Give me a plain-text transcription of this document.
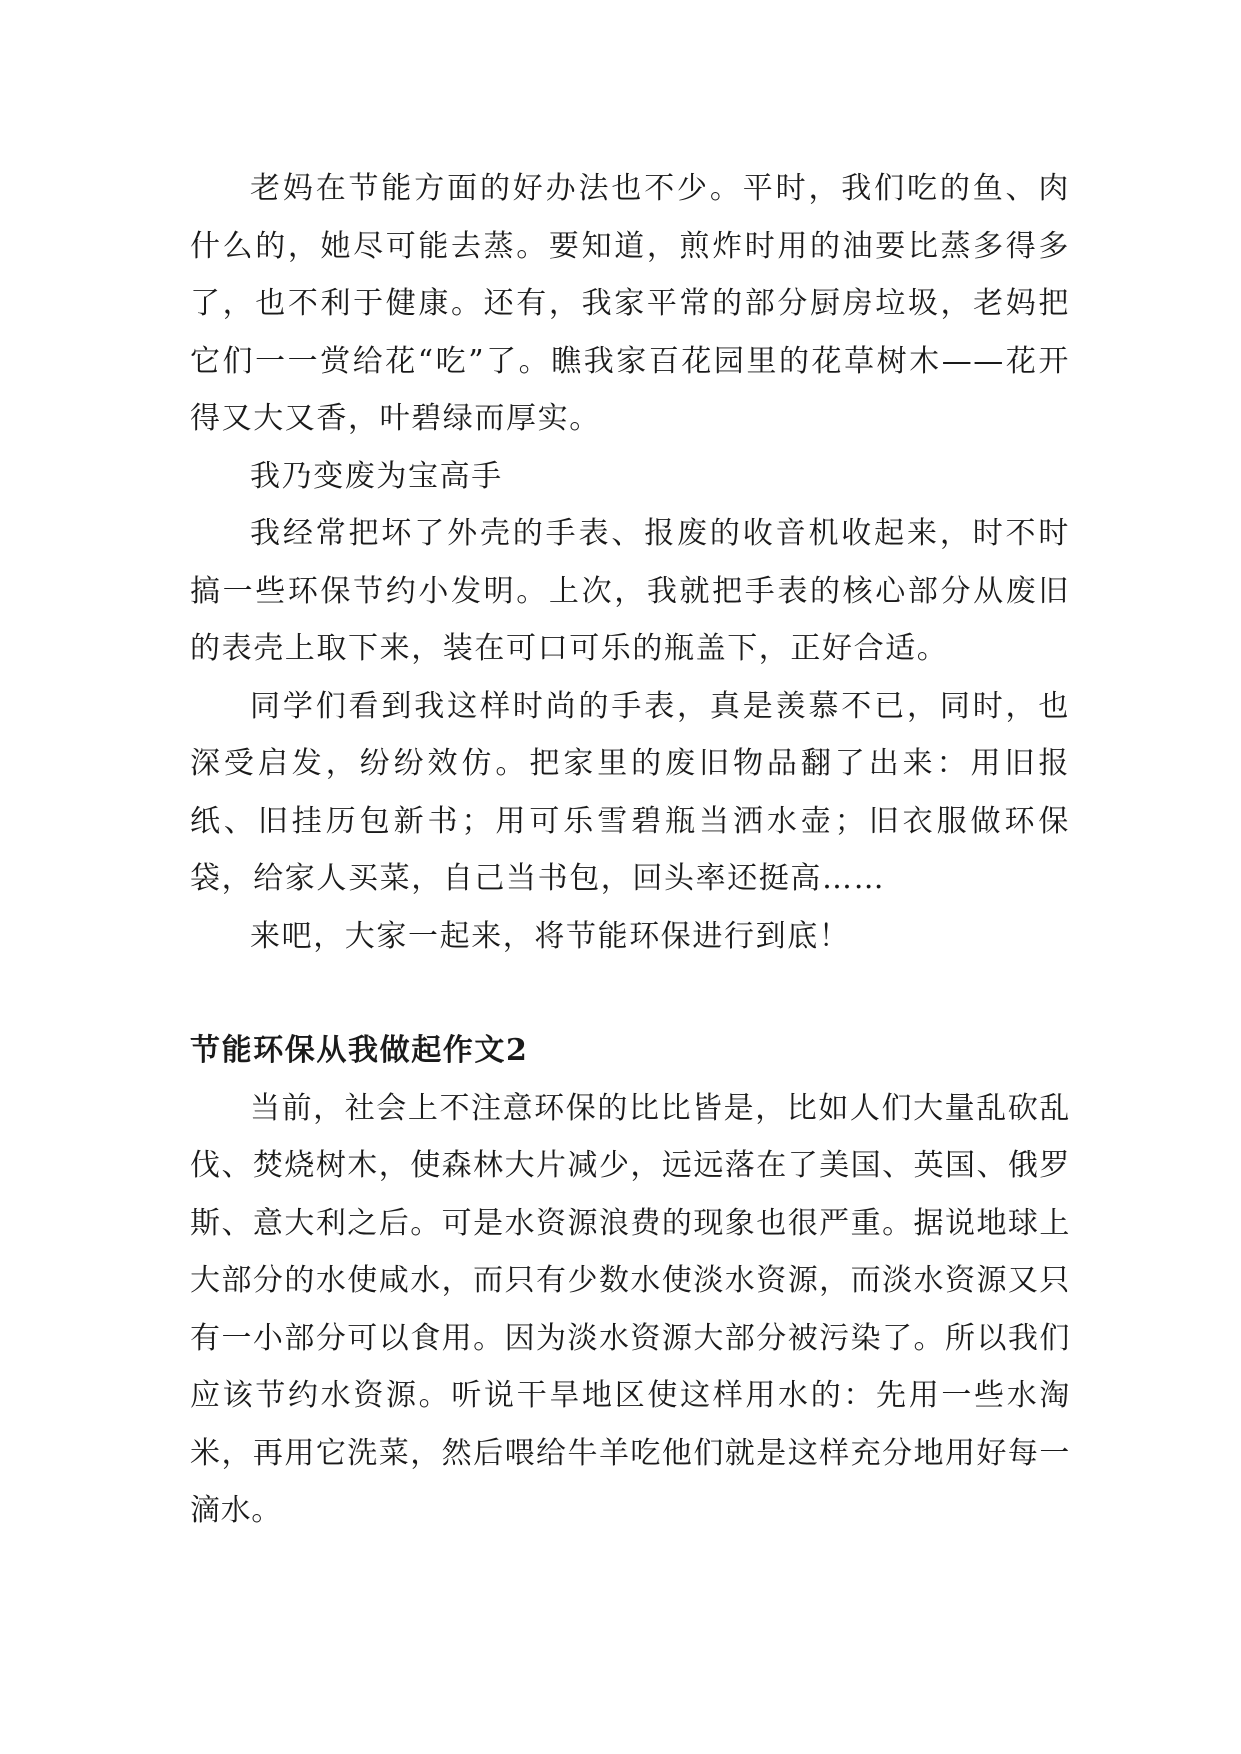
老妈在节能方面的好办法也不少。平时，我们吃的鱼、肉什么的，她尽可能去蒸。要知道，煎炸时用的油要比蒸多得多了，也不利于健康。还有，我家平常的部分厨房垃圾，老妈把它们一一赏给花“吃”了。瞧我家百花园里的花草树木——花开得又大又香，叶碧绿而厚实。

我乃变废为宝高手

我经常把坏了外壳的手表、报废的收音机收起来，时不时搞一些环保节约小发明。上次，我就把手表的核心部分从废旧的表壳上取下来，装在可口可乐的瓶盖下，正好合适。

同学们看到我这样时尚的手表，真是羡慕不已，同时，也深受启发，纷纷效仿。把家里的废旧物品翻了出来：用旧报纸、旧挂历包新书；用可乐雪碧瓶当洒水壶；旧衣服做环保袋，给家人买菜，自己当书包，回头率还挺高……

来吧，大家一起来，将节能环保进行到底！

节能环保从我做起作文2

当前，社会上不注意环保的比比皆是，比如人们大量乱砍乱伐、焚烧树木，使森林大片减少，远远落在了美国、英国、俄罗斯、意大利之后。可是水资源浪费的现象也很严重。据说地球上大部分的水使咸水，而只有少数水使淡水资源，而淡水资源又只有一小部分可以食用。因为淡水资源大部分被污染了。所以我们应该节约水资源。听说干旱地区使这样用水的：先用一些水淘米，再用它洗菜，然后喂给牛羊吃他们就是这样充分地用好每一滴水。
